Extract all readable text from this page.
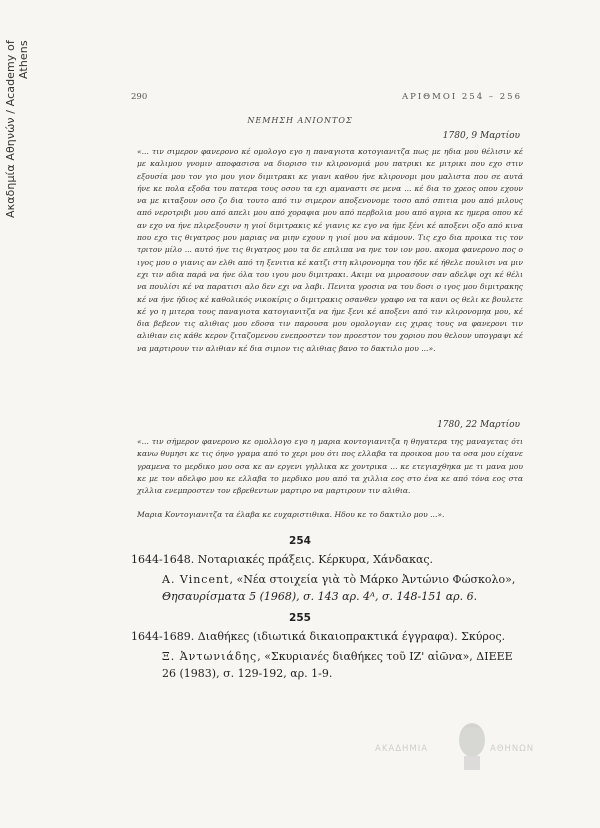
Ακαδημία Αθηνών / Academy of Athens
290	ΑΡΙΘΜΟΙ 254 – 256
ΝΕΜΗΣΗ ΑΝΙΟΝΤΟΣ
1780, 9 Μαρτίου
«... τιν σιμερον φανερονο κέ ομολογο εγο η παναγιοτα κοτογιανιτζα πως με ηδια μου θέλισιν κέ με καλιμου γνομιν αποφασισα να διορισο τιν κλιρονομιά μου πατρικι κε μιτρικι που εχο στιν εξουσία μου τον γιο μου γιον διμιτρακι κε γιανι καθου ήνε κλιρονομι μου μαλιστα που σε αυτά ήνε κε πολα εξοδα του πατερα τους οσου τα εχι αμαναστι σε μενα ... κέ δια το χρεος οπου εχουν να με κιταξουν οσο ζο δια τουτο από τιν σιμερον αποξενονομε τοσο από σπιτια μου από μιλους από νεροτριβι μου από απελι μου από χοραφια μου από περβολια μου από αγρια κε ημερα οπου κέ αν εχο να ήνε πλιρεξουσιν η γιοί διμιτρακις κέ γιανις κε εγο να ήμε ξένι κέ αποξενι οξο από κινα που εχο τις θιγατρος μου μαριας να μιην εχουν η γιοί μου να κάμουν. Τις εχο δια προικα τις τον τριτον μίλο ... αυτό ήνε τις θιγατρος μου τα δε επιλιπα να ηνε τον ιον μου. ακομα φανερονο πος ο ιγος μου ο γιανις αν ελθι από τη ξενιτια κέ κατζι στη κλιρονομηα του ήδε κέ ήθελε πουλισι να μιν εχι τιν αδια παρά να ήνε όλα του ιγου μου διμιτρακι. Ακιμι να μιροασουν σαν αδελφι οχι κέ θέλι να πουλίσι κέ να παρατισι αλο δεν εχι να λαβι. Πενιτα γροσια να του δοσι ο ιγος μου διμιτρακης κέ να ήνε ήδιος κέ καθολικός νικοκίρις ο διμιτρακις οσανθεν γραφο να τα κανι ος θελι κε βουλετε κέ γο η μιτερα τους παναγιοτα κατογιανιτζα να ήμε ξενι κέ αποξενι από τιν κλιρονομηα μου, κέ δια βεβεον τις αλιθιας μου εδοσα τιν παρουσα μου ομολογιαν εις χιρας τους να φανερονι τιν αλιθιαν εις κάθε κερον ζιταζομενου ενεπροστεν τον προεστον του χοριου που θελουν υπογραψι κέ να μαρτιρουν τιν αλιθιαν κέ δια σιμιον τις αλιθιας βανο το δακτιλο μου ...».
1780, 22 Μαρτίου
«... τιν σήμερον φανερονο κε ομολλογο εγο η μαρια κοντογιανιτζα η θηγατερα της μαναγετας ότι κανω θυμησι κε τις όηνο γραμα από το χερι μου ότι πος ελλαβα τα προικοα μου τα οσα μου είχανε γραμενα το μερδικο μου οσα κε αν εργενι γηλλικα κε χοντρικα ... κε ετεγιαχθηκα με τι μανα μου κε με τον αδελφο μου κε ελλαβα το μερδικο μου από τα χιλλια εος στο ένα κε από τόνα εος στα χιλλια ενεμπροστεν τον εβρεθεντων μαρτιρο να μαρτιρουν τιν αλιθια.
Μαρια Κοντογιανιτζα τα έλαβα κε ευχαριστιθικα. Ηδου κε το δακτιλο μου ...».
254
1644-1648. Νοταριακές πράξεις. Κέρκυρα, Χάνδακας.
A. Vincent, «Νέα στοιχεία γιὰ τὸ Μάρκο Ἀντώνιο Φώσκολο»,
Θησαυρίσματα 5 (1968), σ. 143 αρ. 4ᴬ, σ. 148-151 αρ. 6.
255
1644-1689. Διαθήκες (ιδιωτικά δικαιοπρακτικά έγγραφα). Σκύρος.
Ξ. Ἀντωνιάδης, «Σκυριανές διαθήκες τοῦ ΙΖ' αἰῶνα», ΔΙΕΕΕ
26 (1983), σ. 129-192, αρ. 1-9.
ΑΚΑΔΗΜΙΑ	ΑΘΗΝΩΝ
